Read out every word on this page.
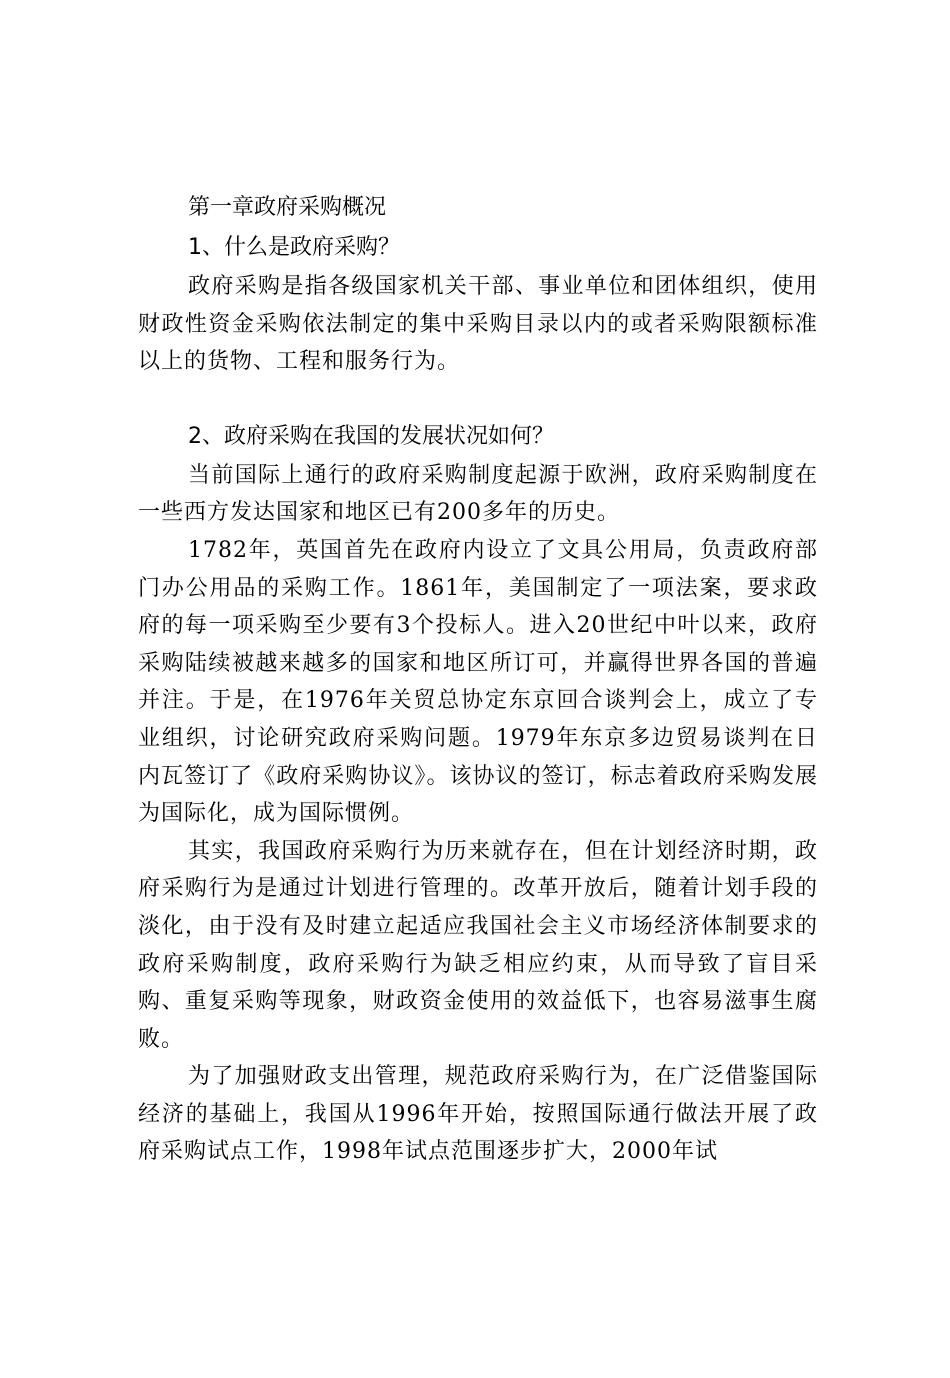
第一章政府采购概况
1、什么是政府采购？

政府采购是指各级国家机关干部、事业单位和团体组织，使用财政性资金采购依法制定的集中采购目录以内的或者采购限额标准以上的货物、工程和服务行为。

2、政府采购在我国的发展状况如何？

当前国际上通行的政府采购制度起源于欧洲，政府采购制度在一些西方发达国家和地区已有200多年的历史。

1782年，英国首先在政府内设立了文具公用局，负责政府部门办公用品的采购工作。1861年，美国制定了一项法案，要求政府的每一项采购至少要有3个投标人。进入20世纪中叶以来，政府采购陆续被越来越多的国家和地区所订可，并赢得世界各国的普遍并注。于是，在1976年关贸总协定东京回合谈判会上，成立了专业组织，讨论研究政府采购问题。1979年东京多边贸易谈判在日内瓦签订了《政府采购协议》。该协议的签订，标志着政府采购发展为国际化，成为国际惯例。

其实，我国政府采购行为历来就存在，但在计划经济时期，政府采购行为是通过计划进行管理的。改革开放后，随着计划手段的淡化，由于没有及时建立起适应我国社会主义市场经济体制要求的政府采购制度，政府采购行为缺乏相应约束，从而导致了盲目采购、重复采购等现象，财政资金使用的效益低下，也容易滋事生腐败。

为了加强财政支出管理，规范政府采购行为，在广泛借鉴国际经济的基础上，我国从1996年开始，按照国际通行做法开展了政府采购试点工作，1998年试点范围逐步扩大，2000年试
